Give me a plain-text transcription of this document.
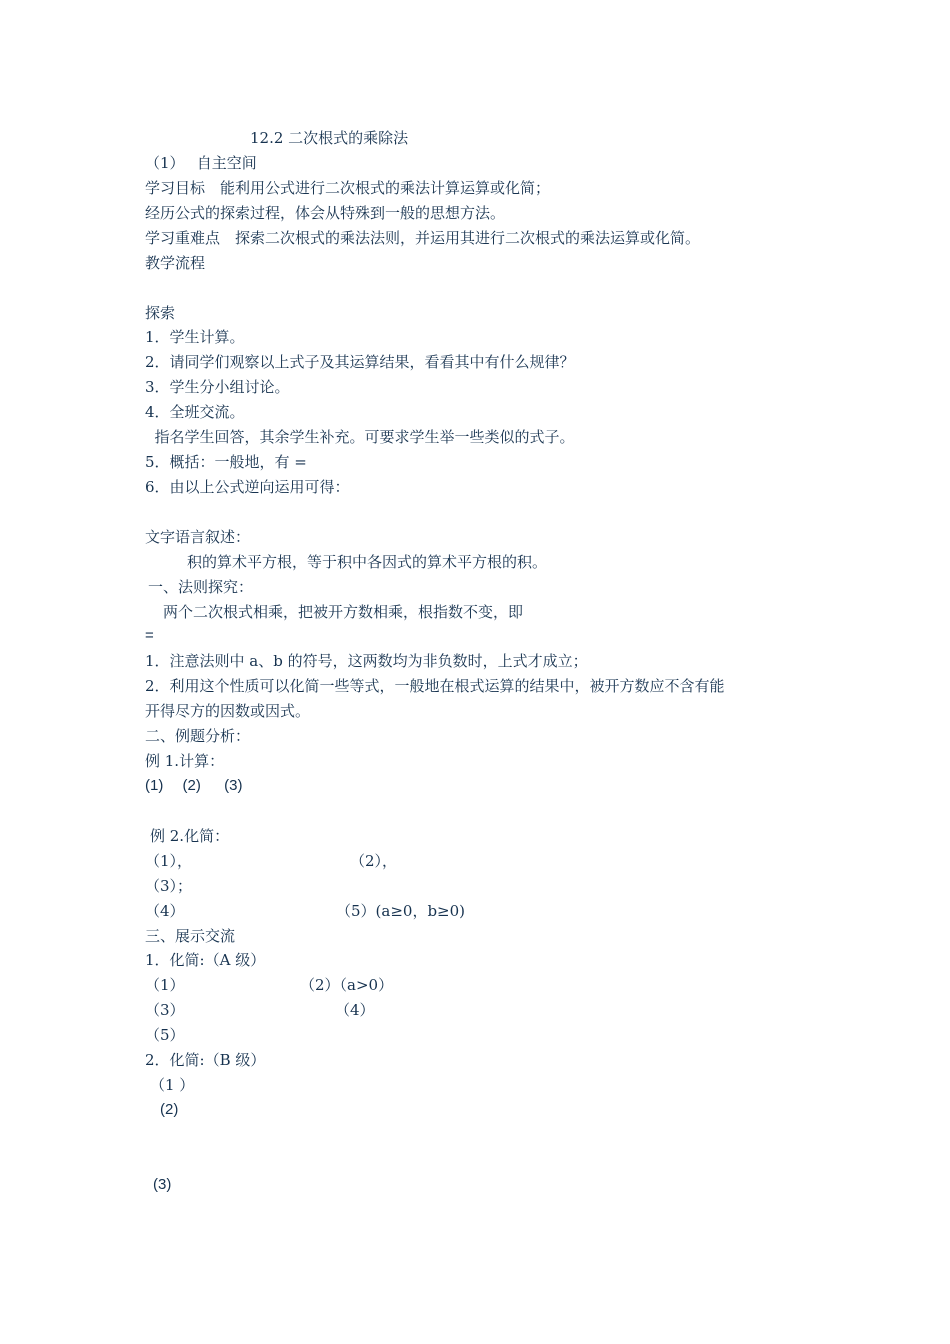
12.2 二次根式的乘除法
（1）　 自主空间
学习目标　能利用公式进行二次根式的乘法计算运算或化简；
经历公式的探索过程，体会从特殊到一般的思想方法。
学习重难点　探索二次根式的乘法法则，并运用其进行二次根式的乘法运算或化简。
教学流程
探索
1．学生计算。
2．请同学们观察以上式子及其运算结果，看看其中有什么规律？
3．学生分小组讨论。
4．全班交流。
指名学生回答，其余学生补充。可要求学生举一些类似的式子。
5．概括：一般地，有 =
6．由以上公式逆向运用可得：
文字语言叙述：
积的算术平方根，等于积中各因式的算术平方根的积。
一、法则探究：
两个二次根式相乘，把被开方数相乘，根指数不变，即
=
1．注意法则中 a、b 的符号，这两数均为非负数时，上式才成立；
2．利用这个性质可以化简一些等式，一般地在根式运算的结果中，被开方数应不含有能
开得尽方的因数或因式。
二、例题分析：
例 1.计算：
(1)　 (2)　  (3)
例 2.化简：
（1），	（2），
（3）；
（4）	（5）(a≥0，b≥0)
三、展示交流
1．化简:（A 级）
（1）	（2）（a>0）
（3）	（4）
（5）
2．化简:（B 级）
（1 ）
(2)
(3)
